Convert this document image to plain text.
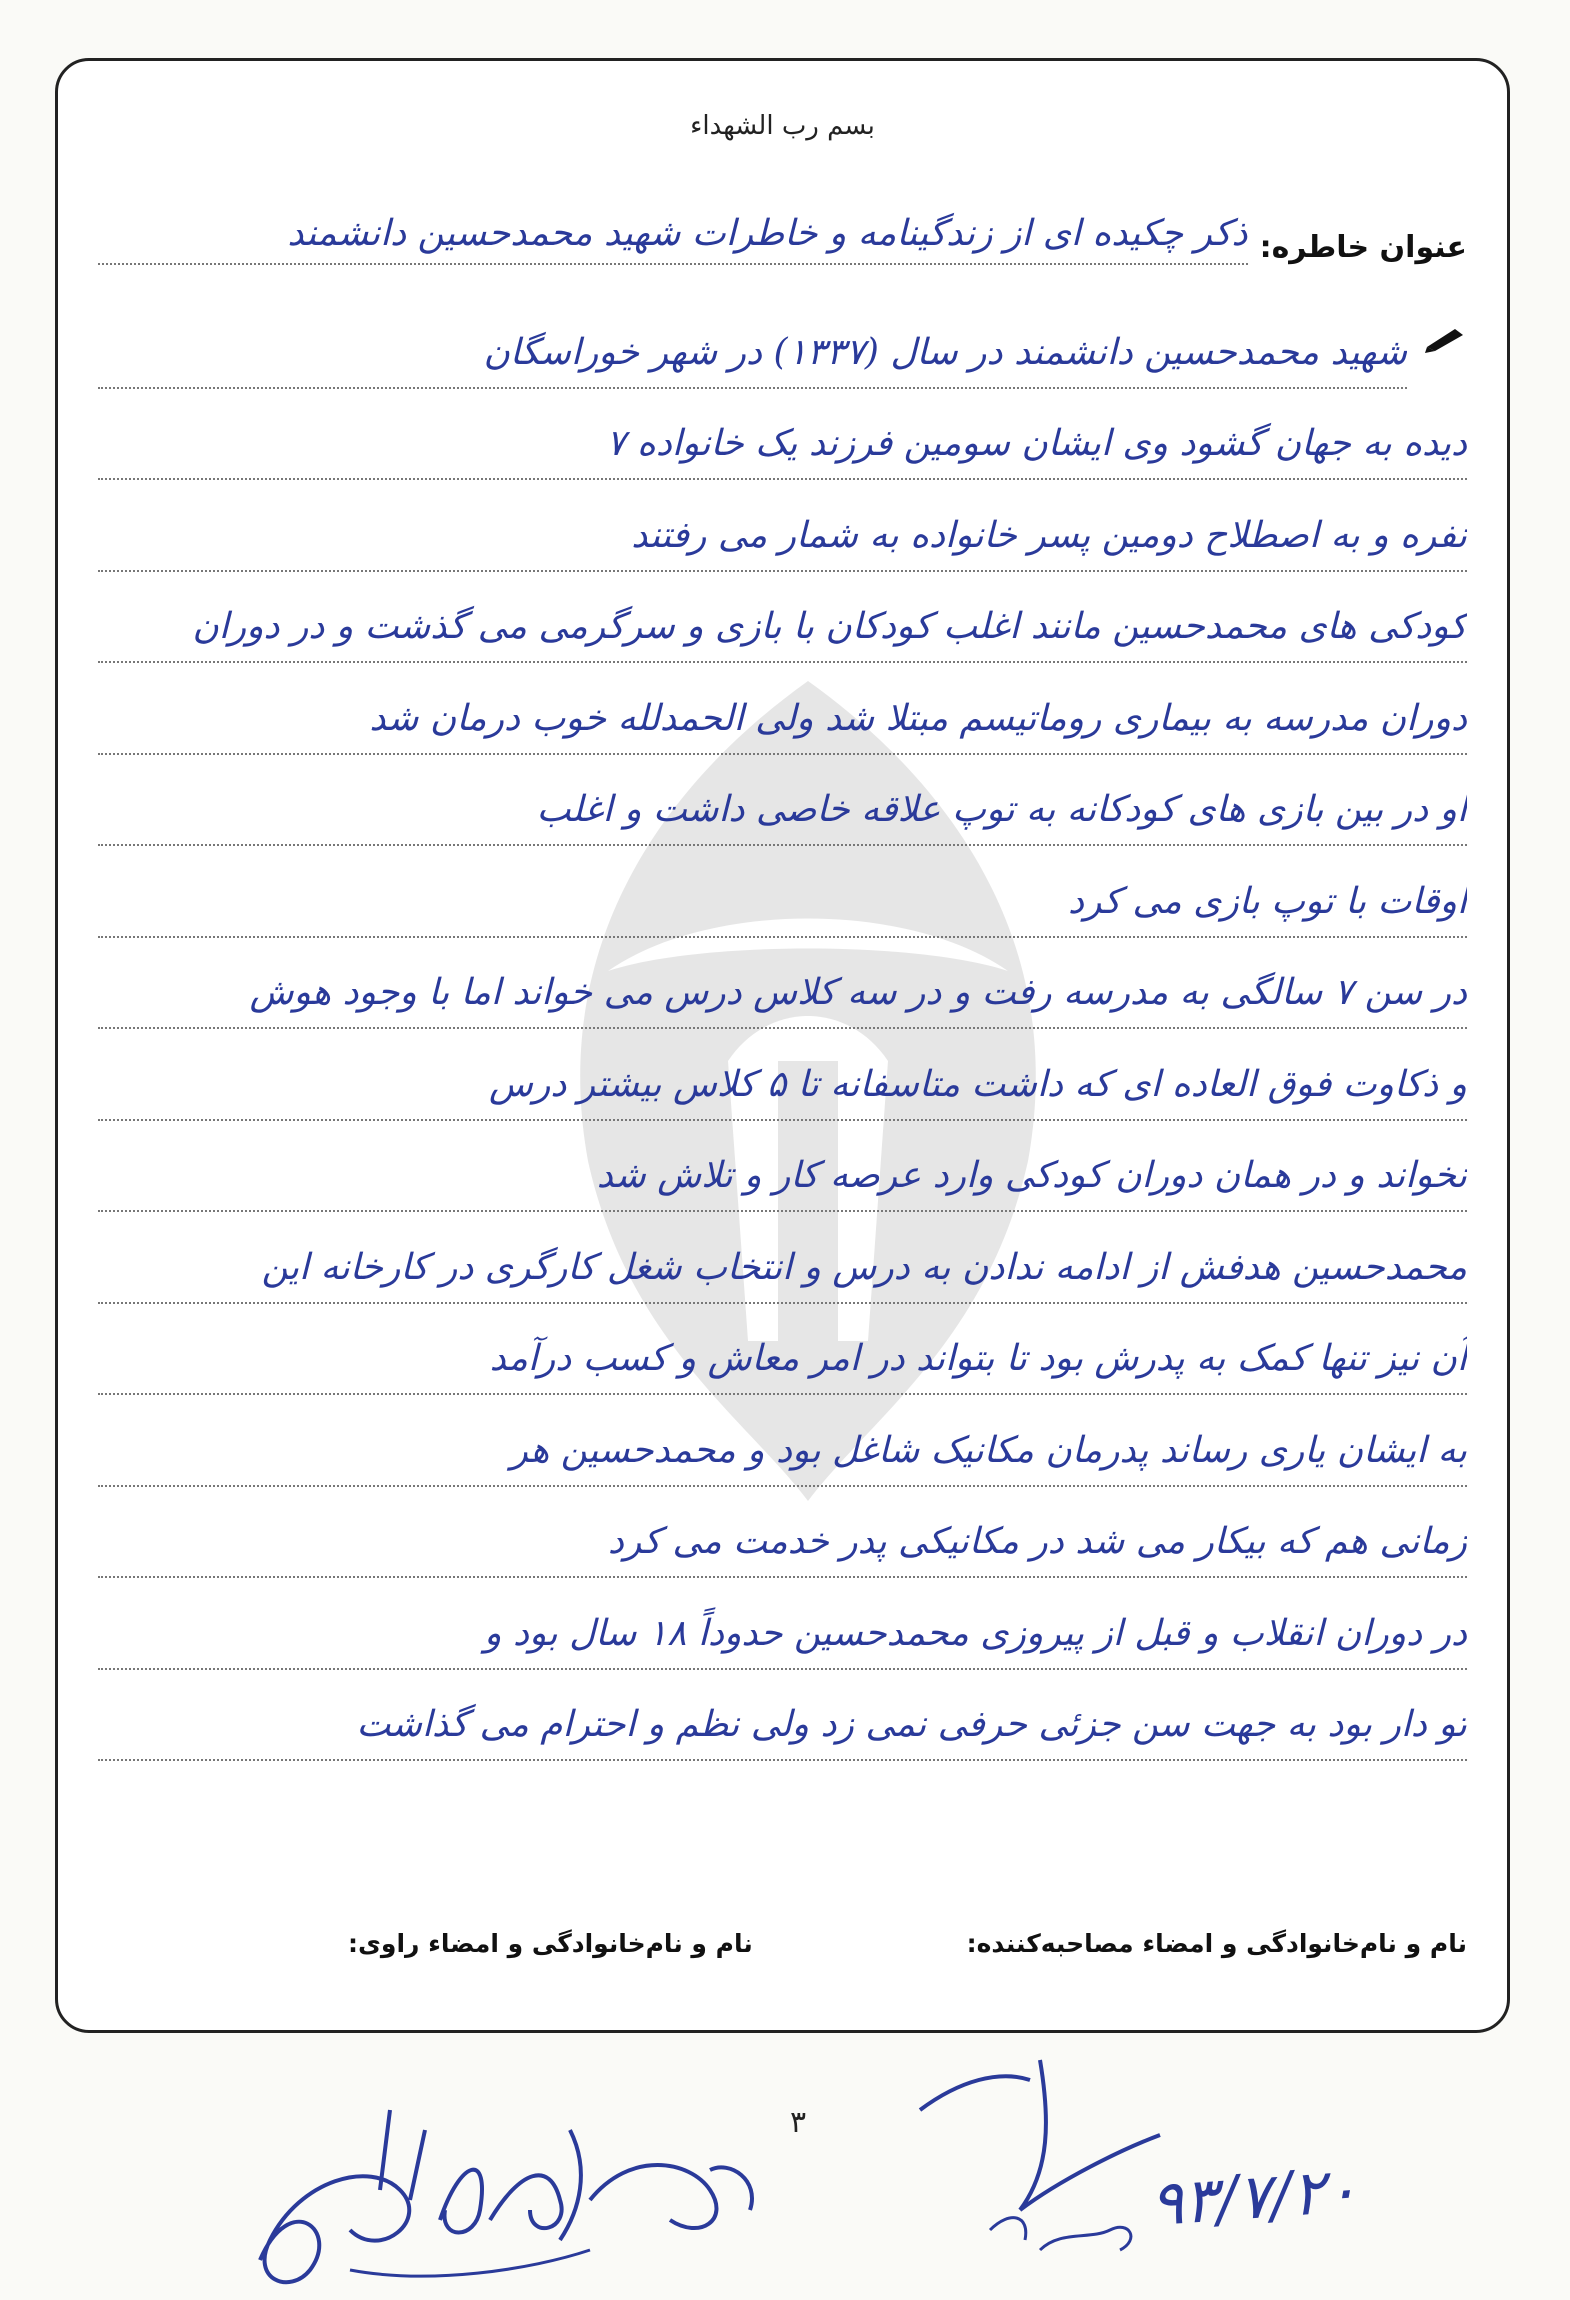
بسم رب الشهداء
عنوان خاطره:
ذکر چکیده ای از زندگینامه و خاطرات شهید محمدحسین دانشمند
شهید محمدحسین دانشمند در سال (۱۳۳۷) در شهر خوراسگان
دیده به جهان گشود وی ایشان سومین فرزند یک خانواده ۷
نفره و به اصطلاح دومین پسر خانواده به شمار می رفتند
کودکی های محمدحسین مانند اغلب کودکان با بازی و سرگرمی می گذشت و در دوران
دوران مدرسه به بیماری روماتیسم مبتلا شد ولی الحمدلله خوب درمان شد
او در بین بازی های کودکانه به توپ علاقه خاصی داشت و اغلب
اوقات با توپ بازی می کرد
در سن ۷ سالگی به مدرسه رفت و در سه کلاس درس می خواند اما با وجود هوش
و ذکاوت فوق العاده ای که داشت متاسفانه تا ۵ کلاس بیشتر درس
نخواند و در همان دوران کودکی وارد عرصه کار و تلاش شد
محمدحسین هدفش از ادامه ندادن به درس و انتخاب شغل کارگری در کارخانه این
آن نیز تنها کمک به پدرش بود تا بتواند در امر معاش و کسب درآمد
به ایشان یاری رساند پدرمان مکانیک شاغل بود و محمدحسین هر
زمانی هم که بیکار می شد در مکانیکی پدر خدمت می کرد
در دوران انقلاب و قبل از پیروزی محمدحسین حدوداً ۱۸ سال بود و
تو دار بود به جهت سن جزئی حرفی نمی زد ولی نظم و احترام می گذاشت
نام و نام‌خانوادگی و امضاء مصاحبه‌کننده:
نام و نام‌خانوادگی و امضاء راوی:
۳
۹۳/۷/۲۰
